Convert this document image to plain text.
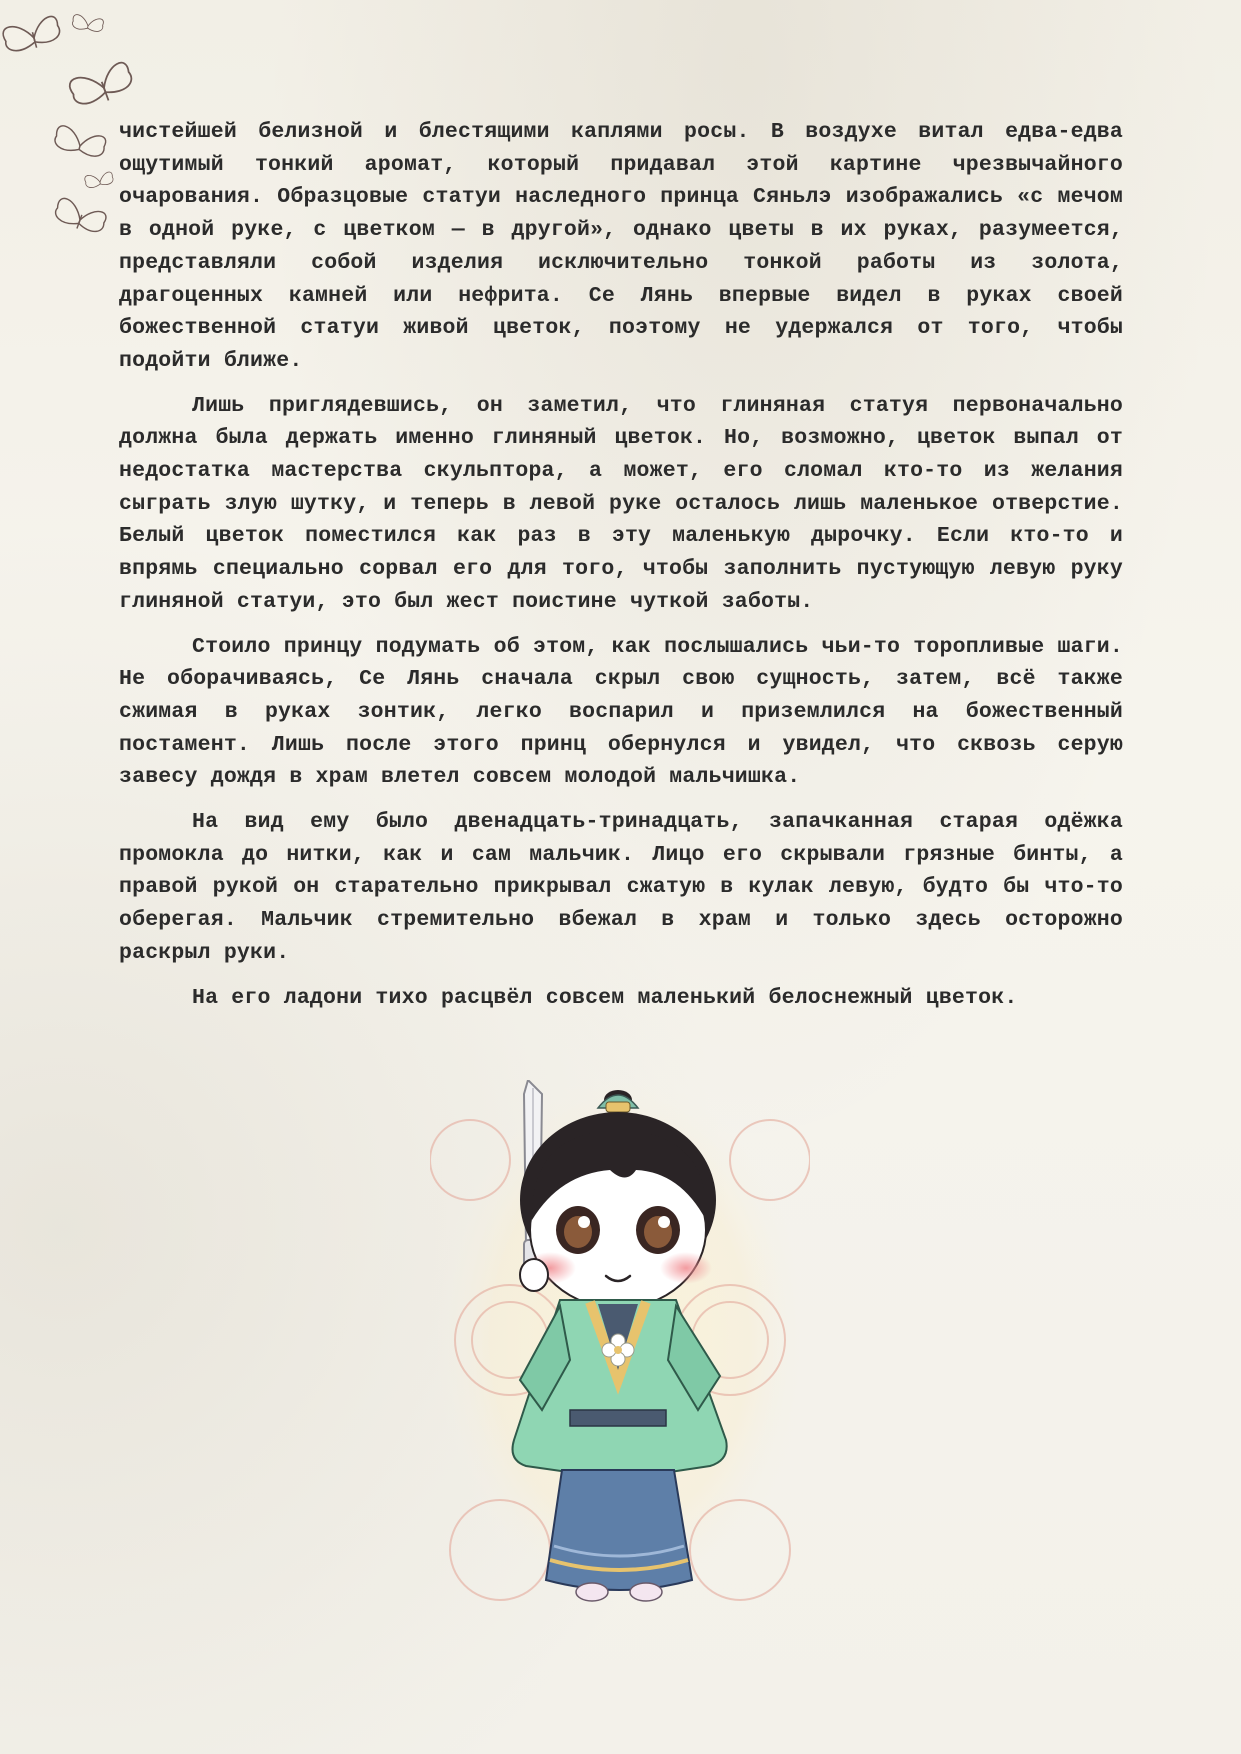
чистейшей белизной и блестящими каплями росы. В воздухе витал едва-едва ощутимый тонкий аромат, который придавал этой картине чрезвычайного очарования. Образцовые статуи наследного принца Сяньлэ изображались «с мечом в одной руке, с цветком — в другой», однако цветы в их руках, разумеется, представляли собой изделия исключительно тонкой работы из золота, драгоценных камней или нефрита. Се Лянь впервые видел в руках своей божественной статуи живой цветок, поэтому не удержался от того, чтобы подойти ближе.

Лишь приглядевшись, он заметил, что глиняная статуя первоначально должна была держать именно глиняный цветок. Но, возможно, цветок выпал от недостатка мастерства скульптора, а может, его сломал кто-то из желания сыграть злую шутку, и теперь в левой руке осталось лишь маленькое отверстие. Белый цветок поместился как раз в эту маленькую дырочку. Если кто-то и впрямь специально сорвал его для того, чтобы заполнить пустующую левую руку глиняной статуи, это был жест поистине чуткой заботы.

Стоило принцу подумать об этом, как послышались чьи-то торопливые шаги. Не оборачиваясь, Се Лянь сначала скрыл свою сущность, затем, всё также сжимая в руках зонтик, легко воспарил и приземлился на божественный постамент. Лишь после этого принц обернулся и увидел, что сквозь серую завесу дождя в храм влетел совсем молодой мальчишка.

На вид ему было двенадцать-тринадцать, запачканная старая одёжка промокла до нитки, как и сам мальчик. Лицо его скрывали грязные бинты, а правой рукой он старательно прикрывал сжатую в кулак левую, будто бы что-то оберегая. Мальчик стремительно вбежал в храм и только здесь осторожно раскрыл руки.

На его ладони тихо расцвёл совсем маленький белоснежный цветок.
